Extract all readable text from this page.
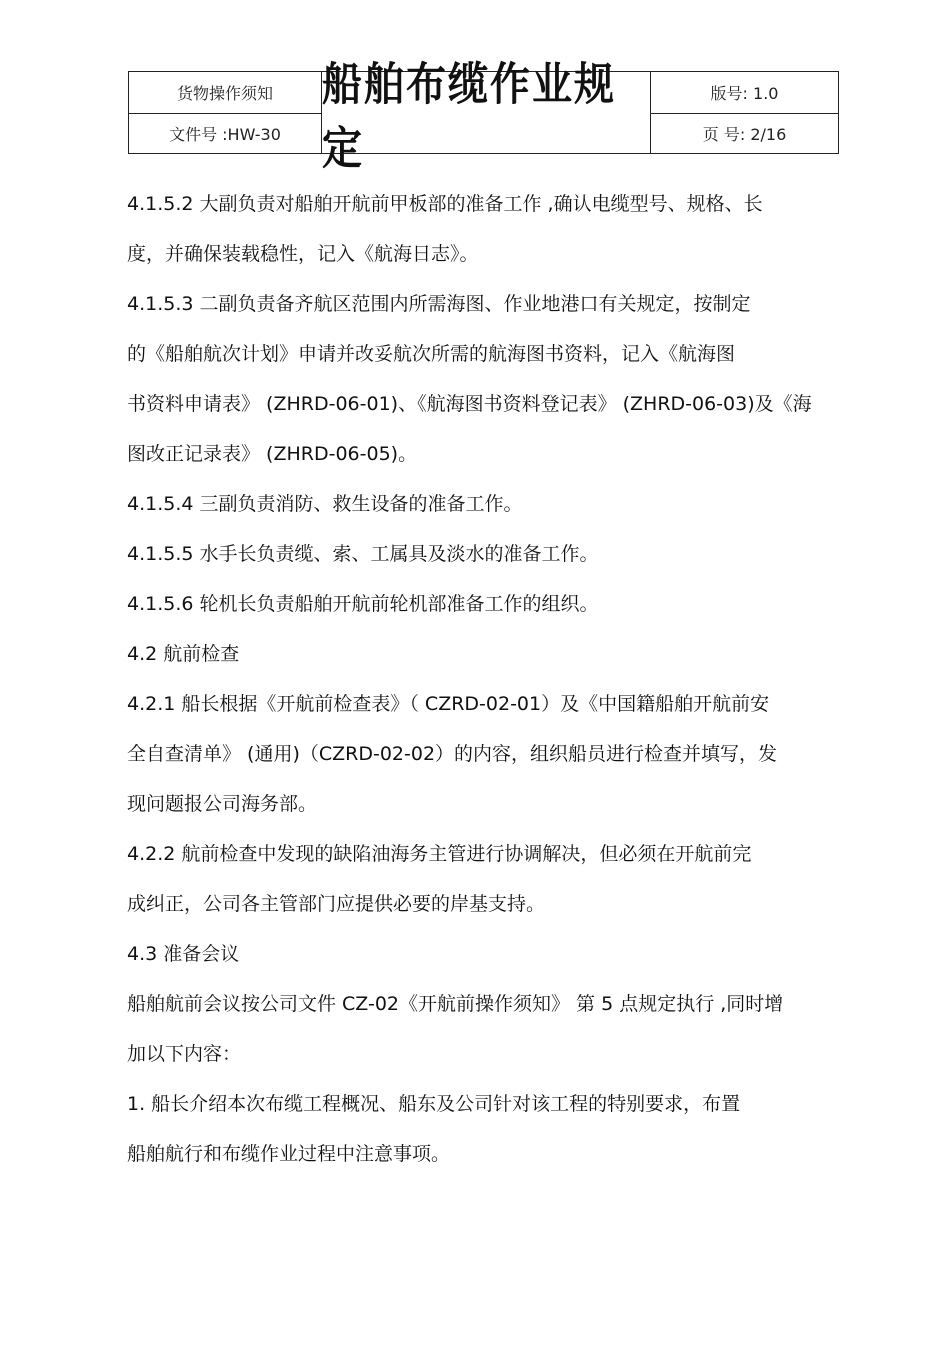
货物操作须知
文件号 :HW-30
船舶布缆作业规定
版号: 1.0
页 号: 2/16
4.1.5.2 大副负责对船舶开航前甲板部的准备工作 ,确认电缆型号、规格、长
度，并确保装载稳性，记入《航海日志》。
4.1.5.3 二副负责备齐航区范围内所需海图、作业地港口有关规定，按制定
的《船舶航次计划》申请并改妥航次所需的航海图书资料，记入《航海图
书资料申请表》 (ZHRD-06-01)、《航海图书资料登记表》 (ZHRD-06-03)及《海
图改正记录表》 (ZHRD-06-05)。
4.1.5.4 三副负责消防、救生设备的准备工作。
4.1.5.5 水手长负责缆、索、工属具及淡水的准备工作。
4.1.5.6 轮机长负责船舶开航前轮机部准备工作的组织。
4.2 航前检查
4.2.1 船长根据《开航前检查表》（ CZRD-02-01）及《中国籍船舶开航前安
全自查清单》 (通用)（CZRD-02-02）的内容，组织船员进行检查并填写，发
现问题报公司海务部。
4.2.2 航前检查中发现的缺陷油海务主管进行协调解决，但必须在开航前完
成纠正，公司各主管部门应提供必要的岸基支持。
4.3 准备会议
船舶航前会议按公司文件 CZ-02《开航前操作须知》 第 5 点规定执行 ,同时增
加以下内容：
1. 船长介绍本次布缆工程概况、船东及公司针对该工程的特别要求，布置
船舶航行和布缆作业过程中注意事项。
